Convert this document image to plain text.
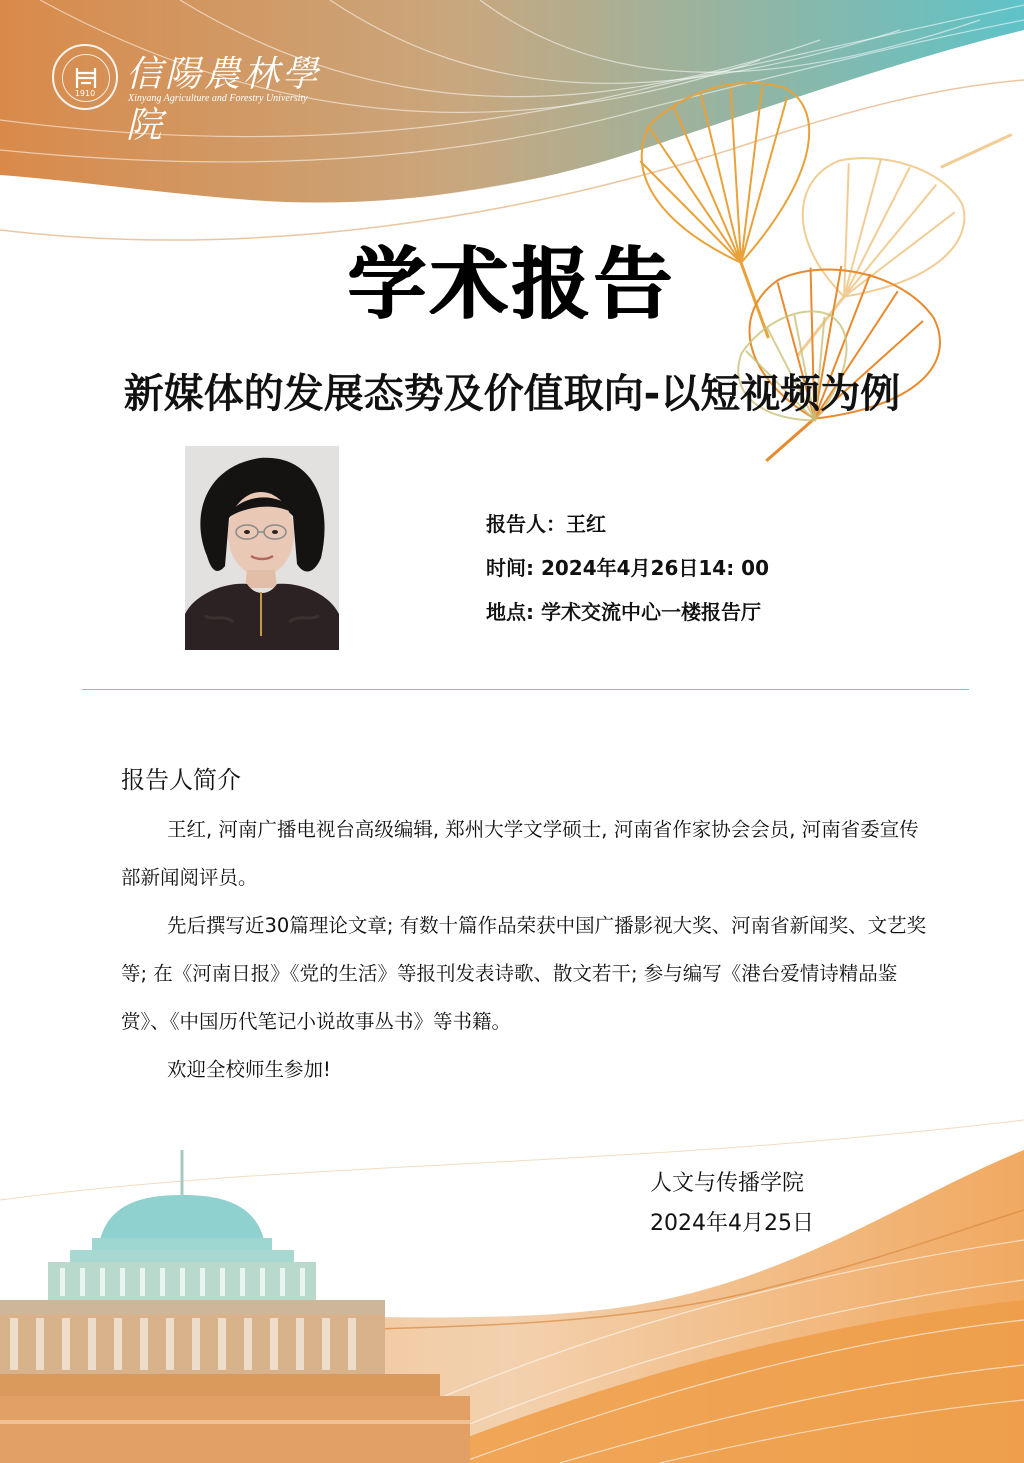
1910 信陽農林學院
Xinyang Agriculture and Forestry University
学术报告
新媒体的发展态势及价值取向-以短视频为例
报告人：王红
时间: 2024年4月26日14: 00
地点: 学术交流中心一楼报告厅
报告人简介

王红, 河南广播电视台高级编辑, 郑州大学文学硕士, 河南省作家协会会员, 河南省委宣传部新闻阅评员。

先后撰写近30篇理论文章; 有数十篇作品荣获中国广播影视大奖、河南省新闻奖、文艺奖等; 在《河南日报》《党的生活》等报刊发表诗歌、散文若干; 参与编写《港台爱情诗精品鉴赏》、《中国历代笔记小说故事丛书》等书籍。

欢迎全校师生参加!

人文与传播学院
2024年4月25日
